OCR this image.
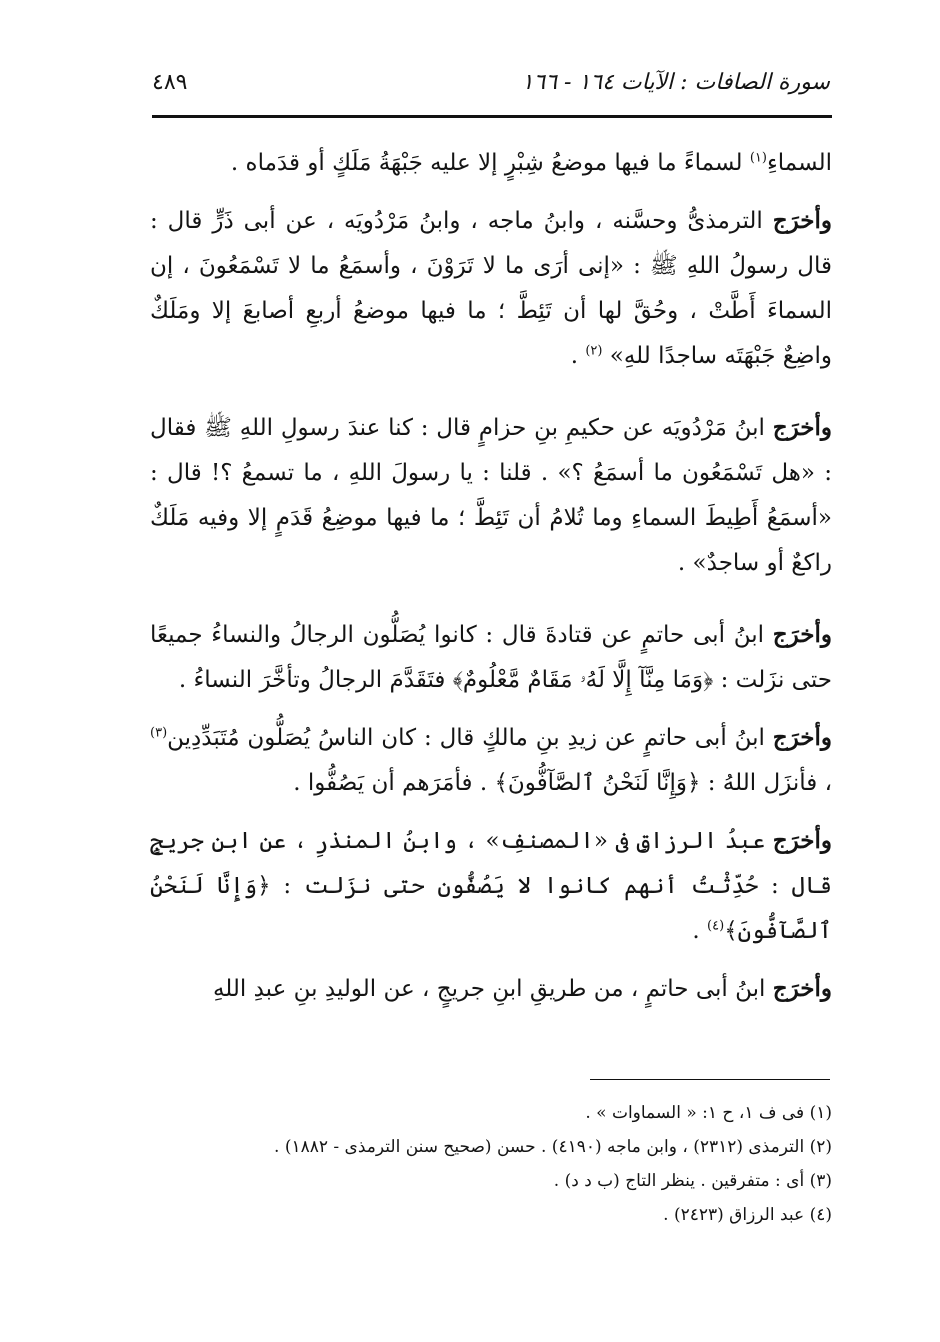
سورة الصافات : الآيات ١٦٤ - ١٦٦
٤٨٩

السماءِ$^{(١)}$ لسماءً ما فيها موضعُ شِبْرٍ إلا عليه جَبْهَةُ مَلَكٍ أو قدَماه .

وأخرَج الترمذىُّ وحسَّنه ، وابنُ ماجه ، وابنُ مَرْدُويَه ، عن أبى ذَرٍّ قال : قال رسولُ اللهِ ﷺ : «إنى أرَى ما لا تَرَوْنَ ، وأسمَعُ ما لا تَسْمَعُونَ ، إن السماءَ أَطَّتْ ، وحُقَّ لها أن تَئِطَّ ؛ ما فيها موضعُ أربعِ أصابعَ إلا ومَلَكٌ واضِعٌ جَبْهَتَه ساجدًا للهِ» $^{(٢)}$ .

وأخرَج ابنُ مَرْدُويَه عن حكيمِ بنِ حزامٍ قال : كنا عندَ رسولِ اللهِ ﷺ فقال : «هل تَسْمَعُون ما أسمَعُ ؟» . قلنا : يا رسولَ اللهِ ، ما تسمعُ ؟! قال : «أسمَعُ أَطِيطَ السماءِ وما تُلامُ أن تَئِطَّ ؛ ما فيها موضِعُ قَدَمٍ إلا وفيه مَلَكٌ راكعٌ أو ساجدٌ» .

وأخرَج ابنُ أبى حاتمٍ عن قتادةَ قال : كانوا يُصَلُّون الرجالُ والنساءُ جميعًا حتى نزَلت : ﴿وَمَا مِنَّآ إِلَّا لَهُۥ مَقَامٌ مَّعْلُومٌ﴾ فتَقَدَّمَ الرجالُ وتأخَّرَ النساءُ .

وأخرَج ابنُ أبى حاتمٍ عن زيدِ بنِ مالكٍ قال : كان الناسُ يُصَلُّون مُتَبَدِّدِين$^{(٣)}$ ، فأنزَل اللهُ : ﴿وَإِنَّا لَنَحْنُ ٱلصَّآفُّونَ﴾ . فأمَرَهم أن يَصُفُّوا .

وأخرَج عبدُ الرزاقِ فى «المصنفِ» ، وابنُ المنذرِ ، عن ابنِ جريجٍ قال : حُدِّثْتُ أنهم كانوا لا يَصُفُّون حتى نزَلت : ﴿وَإِنَّا لَنَحْنُ ٱلصَّآفُّونَ﴾$^{(٤)}$ .

وأخرَج ابنُ أبى حاتمٍ ، من طريقِ ابنِ جريجٍ ، عن الوليدِ بنِ عبدِ اللهِ

(١) فى ف ١، ح ١: « السماوات » .

(٢) الترمذى (٢٣١٢) ، وابن ماجه (٤١٩٠) . حسن (صحيح سنن الترمذى - ١٨٨٢) .

(٣) أى : متفرقين . ينظر التاج (ب د د) .

(٤) عبد الرزاق (٢٤٢٣) .
